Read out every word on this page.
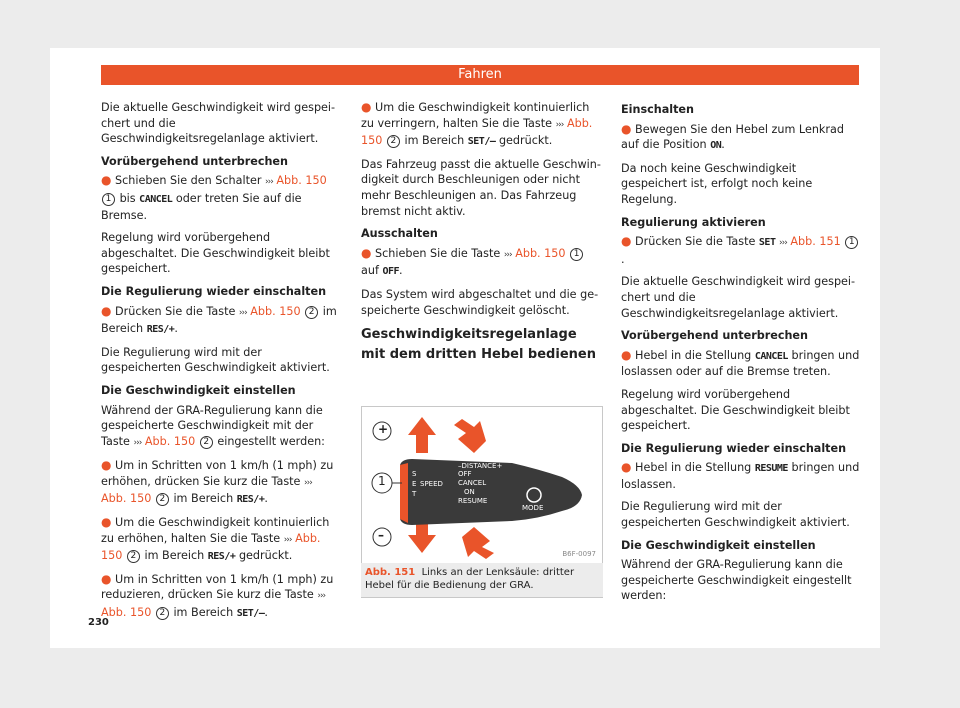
Fahren

Die aktuelle Geschwindigkeit wird gespeichert und die Geschwindigkeitsregelanlage aktiviert.

Vorübergehend unterbrechen

● Schieben Sie den Schalter ››› Abb. 150 1 bis CANCEL oder treten Sie auf die Bremse.

Regelung wird vorübergehend abgeschaltet. Die Geschwindigkeit bleibt gespeichert.

Die Regulierung wieder einschalten

● Drücken Sie die Taste ››› Abb. 150 2 im Bereich RES/+.

Die Regulierung wird mit der gespeicherten Geschwindigkeit aktiviert.

Die Geschwindigkeit einstellen

Während der GRA-Regulierung kann die gespeicherte Geschwindigkeit mit der Taste ››› Abb. 150 2 eingestellt werden:

● Um in Schritten von 1 km/h (1 mph) zu erhöhen, drücken Sie kurz die Taste ››› Abb. 150 2 im Bereich RES/+.

● Um die Geschwindigkeit kontinuierlich zu erhöhen, halten Sie die Taste ››› Abb. 150 2 im Bereich RES/+ gedrückt.

● Um in Schritten von 1 km/h (1 mph) zu reduzieren, drücken Sie kurz die Taste ››› Abb. 150 2 im Bereich SET/–.

● Um die Geschwindigkeit kontinuierlich zu verringern, halten Sie die Taste ››› Abb. 150 2 im Bereich SET/– gedrückt.

Das Fahrzeug passt die aktuelle Geschwindigkeit durch Beschleunigen oder nicht mehr Beschleunigen an. Das Fahrzeug bremst nicht aktiv.

Ausschalten

● Schieben Sie die Taste ››› Abb. 150 1 auf OFF.

Das System wird abgeschaltet und die gespeicherte Geschwindigkeit gelöscht.

Geschwindigkeitsregelanlage mit dem dritten Hebel bedienen

+
–
1
–DISTANCE+
S
E
T
SPEED
OFF
CANCEL
ON
RESUME
MODE
B6F-0097
Abb. 151 Links an der Lenksäule: dritter Hebel für die Bedienung der GRA.

Einschalten

● Bewegen Sie den Hebel zum Lenkrad auf die Position ON.

Da noch keine Geschwindigkeit gespeichert ist, erfolgt noch keine Regelung.

Regulierung aktivieren

● Drücken Sie die Taste SET ››› Abb. 151 1.

Die aktuelle Geschwindigkeit wird gespeichert und die Geschwindigkeitsregelanlage aktiviert.

Vorübergehend unterbrechen

● Hebel in die Stellung CANCEL bringen und loslassen oder auf die Bremse treten.

Regelung wird vorübergehend abgeschaltet. Die Geschwindigkeit bleibt gespeichert.

Die Regulierung wieder einschalten

● Hebel in die Stellung RESUME bringen und loslassen.

Die Regulierung wird mit der gespeicherten Geschwindigkeit aktiviert.

Die Geschwindigkeit einstellen

Während der GRA-Regulierung kann die gespeicherte Geschwindigkeit eingestellt werden:

230
